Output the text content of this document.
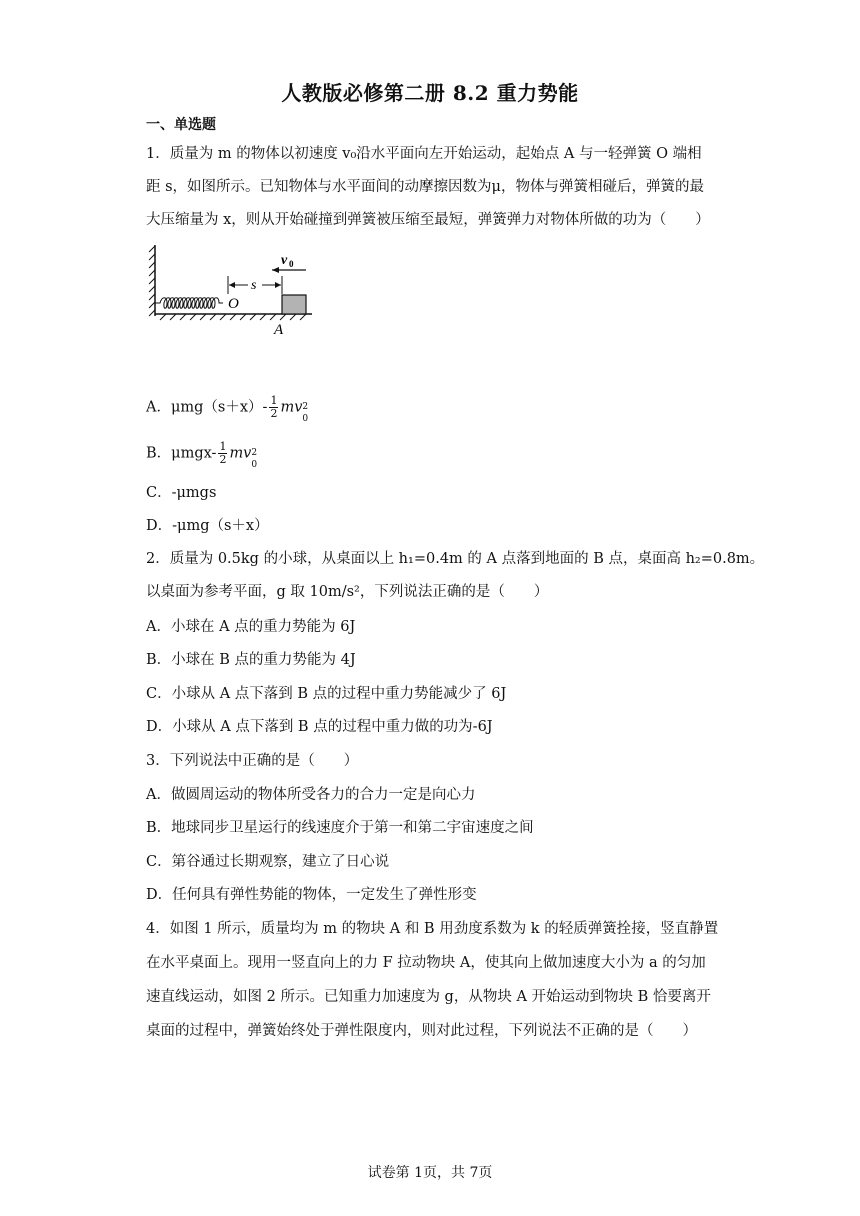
人教版必修第二册 8.2 重力势能
一、单选题
1．质量为 m 的物体以初速度 v₀沿水平面向左开始运动，起始点 A 与一轻弹簧 O 端相
距 s，如图所示。已知物体与水平面间的动摩擦因数为μ，物体与弹簧相碰后，弹簧的最
大压缩量为 x，则从开始碰撞到弹簧被压缩至最短，弹簧弹力对物体所做的功为（　　）
O
s
v 0
A
A．$\mu mg(s+x)- \frac{1}{2}$ mv 2
0
B．$\mu mgx- \frac{1}{2}$ mv 2
0
C．-μmgs
D．-μmg（s＋x）
2．质量为 0.5kg 的小球，从桌面以上 h₁=0.4m 的 A 点落到地面的 B 点，桌面高 h₂=0.8m。
以桌面为参考平面，g 取 10m/s²，下列说法正确的是（　　）
A．小球在 A 点的重力势能为 6J
B．小球在 B 点的重力势能为 4J
C．小球从 A 点下落到 B 点的过程中重力势能减少了 6J
D．小球从 A 点下落到 B 点的过程中重力做的功为-6J
3．下列说法中正确的是（　　）
A．做圆周运动的物体所受各力的合力一定是向心力
B．地球同步卫星运行的线速度介于第一和第二宇宙速度之间
C．第谷通过长期观察，建立了日心说
D．任何具有弹性势能的物体，一定发生了弹性形变
4．如图 1 所示，质量均为 m 的物块 A 和 B 用劲度系数为 k 的轻质弹簧拴接，竖直静置
在水平桌面上。现用一竖直向上的力 F 拉动物块 A，使其向上做加速度大小为 a 的匀加
速直线运动，如图 2 所示。已知重力加速度为 g，从物块 A 开始运动到物块 B 恰要离开
桌面的过程中，弹簧始终处于弹性限度内，则对此过程，下列说法不正确的是（　　）
试卷第 1页，共 7页
